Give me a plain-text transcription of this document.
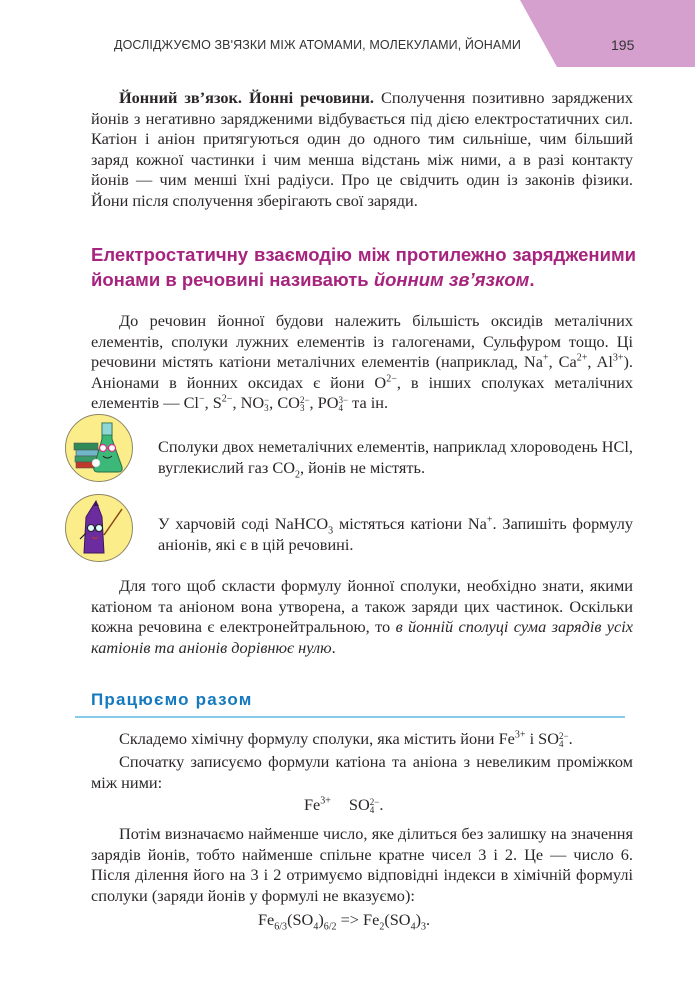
ДОСЛІДЖУЄМО ЗВ'ЯЗКИ МІЖ АТОМАМИ, МОЛЕКУЛАМИ, ЙОНАМИ	195
Йонний зв’язок. Йонні речовини. Сполучення позитивно заряджених йонів з негативно зарядженими відбувається під дією електростатичних сил. Катіон і аніон притягуються один до одного тим сильніше, чим більший заряд кожної частинки і чим менша відстань між ними, а в разі контакту йонів — чим менші їхні радіуси. Про це свідчить один із законів фізики. Йони після сполучення зберігають свої заряди.
Електростатичну взаємодію між протилежно зарядженими йонами в речовині називають йонним зв’язком.
До речовин йонної будови належить більшість оксидів металічних елементів, сполуки лужних елементів із галогенами, Сульфуром тощо. Ці речовини містять катіони металічних елементів (наприклад, Na+, $Ca^{2+}$, $Al^{3+}$). Аніонами в йонних оксидах є йони $O^{2-}$, в інших сполуках металічних елементів — Cl−, $S^{2-}$, NO −
3 , CO 2−
3 , PO 3−
4 та ін.
Сполуки двох неметалічних елементів, наприклад хлороводень HCl, вуглекислий газ $CO_2$, йонів не містять.
У харчовій соді NaHCO$_3$ містяться катіони Na+. Запишіть формулу аніонів, які є в цій речовині.
Для того щоб скласти формулу йонної сполуки, необхідно знати, якими катіоном та аніоном вона утворена, а також заряди цих частинок. Оскільки кожна речовина є електронейтральною, то в йонній сполуці сума зарядів усіх катіонів та аніонів дорівнює нулю.
Працюємо разом
Складемо хімічну формулу сполуки, яка містить йони $Fe^{3+}$ і SO 2−
4 .
Спочатку записуємо формули катіона та аніона з невеликим проміжком між ними:
$Fe^{3+}$ SO 2−
4 .
Потім визначаємо найменше число, яке ділиться без залишку на значення зарядів йонів, тобто найменше спільне кратне чисел 3 і 2. Це — число 6. Після ділення його на 3 і 2 отримуємо відповідні індекси в хімічній формулі сполуки (заряди йонів у формулі не вказуємо):
$Fe_{6/3}(SO_4)_{6/2} => Fe_2(SO_4)_3$.
